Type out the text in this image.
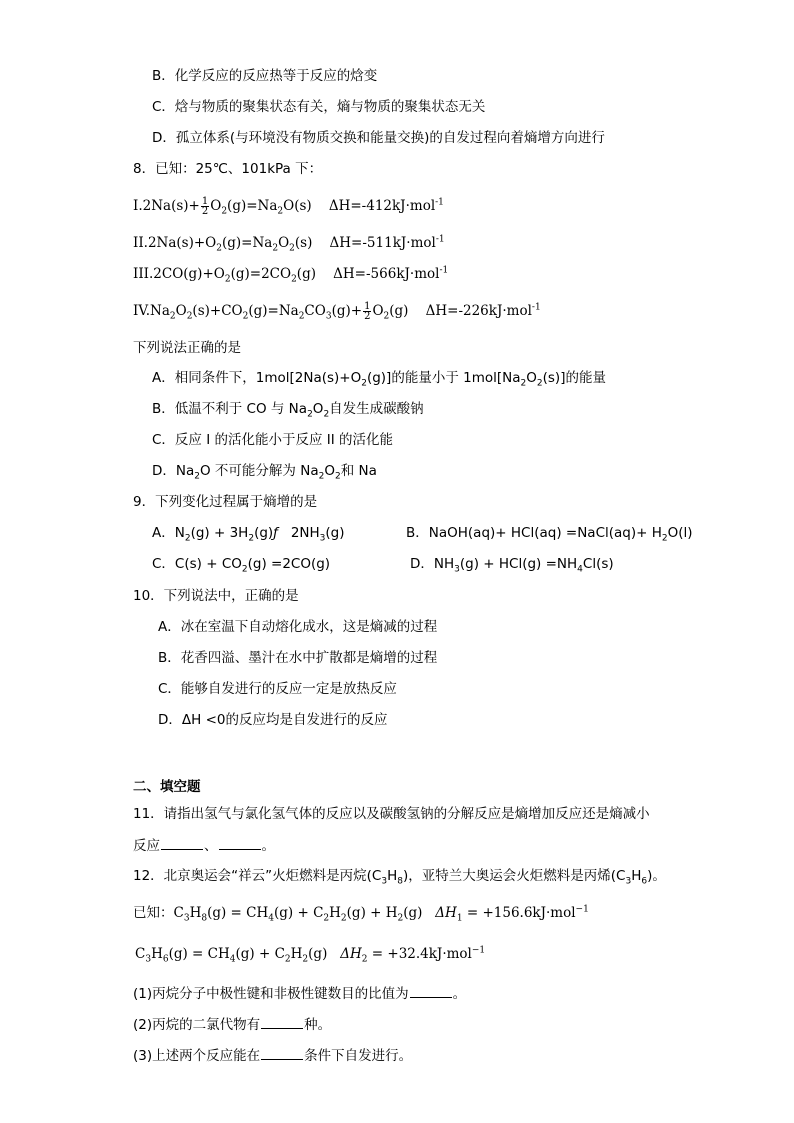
B．化学反应的反应热等于反应的焓变
C．焓与物质的聚集状态有关，熵与物质的聚集状态无关
D．孤立体系(与环境没有物质交换和能量交换)的自发过程向着熵增方向进行
8．已知：25℃、101kPa 下：
$I.2Na(s)+ \frac{1}{2} O_2(g)=Na_2O(s)$ ΔH=-412kJ·mol$^{-1}$
$II.2Na(s)+O_2(g)=Na_2O_2(s)$ ΔH=-511kJ·mol$^{-1}$
$III.2CO(g)+O_2(g)=2CO_2(g)$ ΔH=-566kJ·mol$^{-1}$
$IV.Na_2O_2(s)+CO_2(g)=Na_2CO_3(g)+ \frac{1}{2} O_2(g)$ ΔH=-226kJ·mol$^{-1}$
下列说法正确的是
A．相同条件下，$1mol[2Na(s)+O_2(g)]$的能量小于 $1mol[Na_2O_2(s)]$的能量
B．低温不利于 CO 与 $Na_2O_2$自发生成碳酸钠
C．反应 I 的活化能小于反应 II 的活化能
D．$Na_2O$ 不可能分解为 $Na_2O_2$和 Na
9．下列变化过程属于熵增的是
A．$N_2(g)$ + $3H_2(g)ƒ$ $2NH_3(g)$	B．NaOH(aq)+ HCl(aq) =NaCl(aq)+ $H_2O(l)$
C．$C(s) + CO_2(g) =2CO(g)$	D．$NH_3(g) + HCl(g) =NH_4Cl(s)$
10．下列说法中，正确的是
A．冰在室温下自动熔化成水，这是熵减的过程
B．花香四溢、墨汁在水中扩散都是熵增的过程
C．能够自发进行的反应一定是放热反应
D．ΔH <0的反应均是自发进行的反应
二、填空题
11．请指出氢气与氯化氢气体的反应以及碳酸氢钠的分解反应是熵增加反应还是熵减小
反应	、	。
12．北京奥运会“祥云”火炬燃料是丙烷$(C_3H_8)$，亚特兰大奥运会火炬燃料是丙烯$(C_3H_6)$。
已知：$C_3H_8(g) = CH_4(g) + C_2H_2(g) + H_2(g) \Delta H_1 = +156.6kJ\cdot mol^{-1}$
$C_3H_6(g) = CH_4(g) + C_2H_2(g) \Delta H_2 = +32.4kJ\cdot mol^{-1}$
(1)丙烷分子中极性键和非极性键数目的比值为	。
(2)丙烷的二氯代物有	种。
(3)上述两个反应能在	条件下自发进行。
